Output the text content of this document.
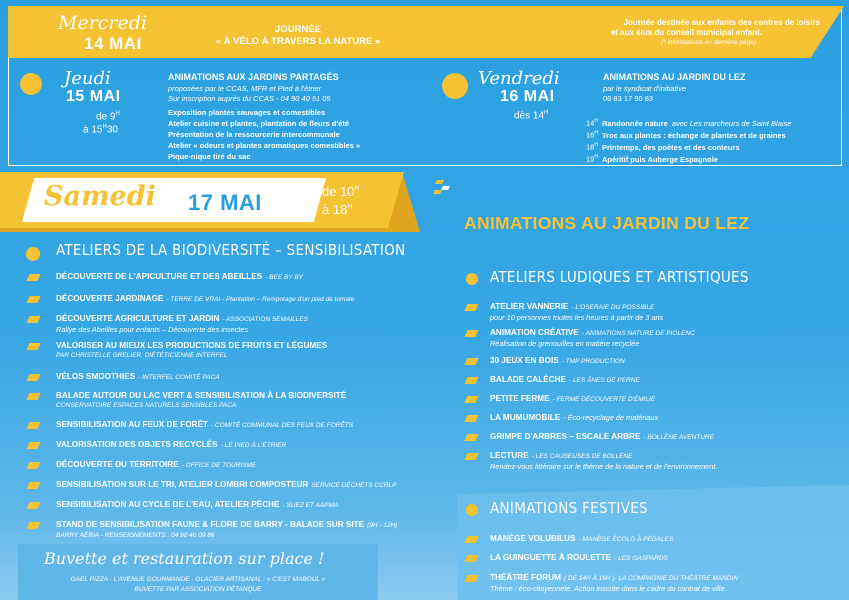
Mercredi
14 MAI
JOURNÉE
« À VÉLO À TRAVERS LA NATURE »
Journée destinée aux enfants des centres de loisirs
et aux élus du conseil municipal enfant.
(* informations en dernière page)
Jeudi
15 MAI
de $9^H$
à $15^H30$
ANIMATIONS AUX JARDINS PARTAGÉS
proposées par le CCAS, MFR et Pied à l'étrier
Sur inscription auprès du CCAS - 04 90 40 51 05
Exposition plantes sauvages et comestibles
Atelier cuisine et plantes, plantation de fleurs d'été
Présentation de la ressourcerie intercommunale
Atelier « odeurs et plantes aromatiques comestibles »
Pique-nique tiré du sac
Vendredi
16 MAI
dès $14^H$
ANIMATIONS AU JARDIN DU LEZ
par le syndicat d'initiative
06 83 17 90 83
$14^H$ Randonnée nature avec Les marcheurs de Saint Blaise
$16^H$ Troc aux plantes : échange de plantes et de graines
$18^H$ Printemps, des poètes et des conteurs
$19^H$ Apéritif puis Auberge Espagnole
Samedi 17 MAI	de $10^H$
à $18^H$
ANIMATIONS AU JARDIN DU LEZ
ATELIERS DE LA BIODIVERSITÉ – SENSIBILISATION
DÉCOUVERTE DE L'APICULTURE ET DES ABEILLES - BEE BY BY
DÉCOUVERTE JARDINAGE - TERRE DE VRAI - Plantation – Rempotage d'un pied de tomate
DÉCOUVERTE AGRICULTURE ET JARDIN - ASSOCIATION SEMAILLES
Rallye des Abeilles pour enfants – Découverte des insectes
VALORISER AU MIEUX LES PRODUCTIONS DE FRUITS ET LÉGUMES
PAR CHRISTELLE GRELIER, DIÉTÉTICIENNE INTERFEL
VÉLOS SMOOTHIES - INTERFEL COMITÉ PACA
BALADE AUTOUR DU LAC VERT & SENSIBILISATION À LA BIODIVERSITÉ
CONSERVATOIRE ESPACES NATURELS SENSIBLES PACA
SENSIBILISATION AU FEUX DE FORÊT - COMITÉ COMMUNAL DES FEUX DE FORÊTS
VALORISATION DES OBJETS RECYCLÉS - LE PIED À L'ÉTRIER
DÉCOUVERTE DU TERRITOIRE - OFFICE DE TOURISME
SENSIBILISATION SUR LE TRI, ATELIER LOMBRI COMPOSTEUR SERVICE DÉCHETS CCRLP
SENSIBILISATION AU CYCLE DE L'EAU, ATELIER PÊCHE - SUEZ ET AAPMA
STAND DE SENSIBILISATION FAUNE & FLORE DE BARRY - BALADE SUR SITE (9H - 12H)
BARRY AÉRIA - RENSEIGNEMENTS : 04 90 40 09 86
Buvette et restauration sur place !
GAEL PIZZA · L'AVENUE GOURMANDE · GLACIER ARTISANAL : « C'EST MABOUL »
BUVETTE PAR ASSOCIATION PÉTANQUE
ATELIERS LUDIQUES ET ARTISTIQUES
ATELIER VANNERIE - L'OSERAIE DU POSSIBLE
pour 10 personnes toutes les heures à partir de 3 ans
ANIMATION CRÉATIVE - ANIMATIONS NATURE DE PIOLENC
Réalisation de grenouilles en matière recyclée
30 JEUX EN BOIS - TMP PRODUCTION
BALADE CALÈCHE - LES ÂNES DE PERNE
PETITE FERME - FERME DÉCOUVERTE D'ÉMILIE
LA MUMUMOBILE - Éco-recyclage de matériaux
GRIMPE D'ARBRES – ESCALE ARBRE - BOLLÈNE AVENTURE
LECTURE - LES CAUSEUSES DE BOLLÈNE
Rendez-vous littéraire sur le thème de la nature et de l'environnement.
ANIMATIONS FESTIVES
MANÈGE VOLUBILUS - MANÈGE ÉCOLO À PÉDALES
LA GUINGUETTE À ROULETTE - LES GASPARDS
THÉÂTRE FORUM ( DE 14H À 16H )- LA COMPAGNIE DU THÉÂTRE MANDIN
Thème : éco-citoyenneté. Action inscrite dans le cadre du contrat de ville.
